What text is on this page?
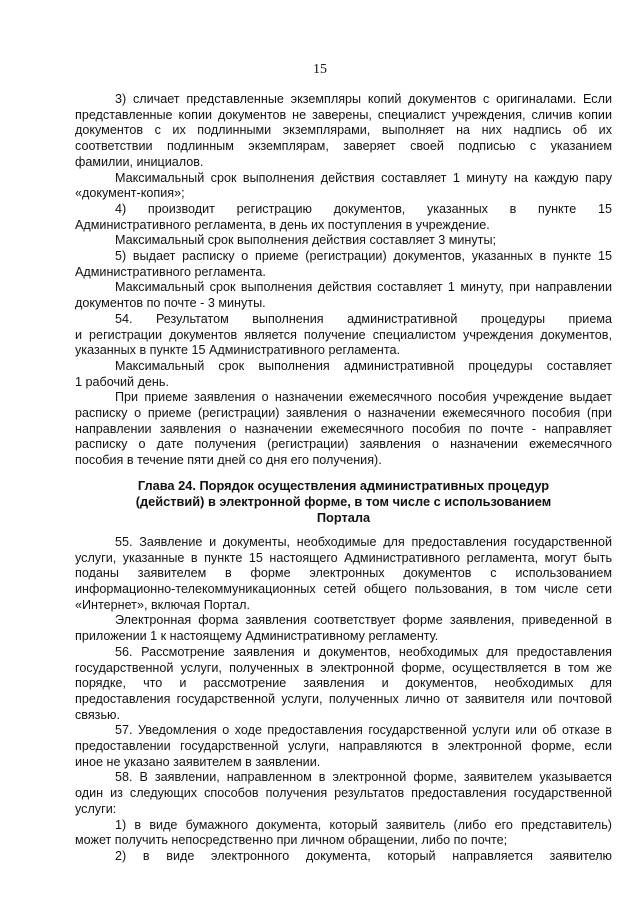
15
3) сличает представленные экземпляры копий документов с оригиналами. Если
представленные копии документов не заверены, специалист учреждения, сличив копии
документов с их подлинными экземплярами, выполняет на них надпись об их
соответствии подлинным экземплярам, заверяет своей подписью с указанием
фамилии, инициалов.
Максимальный срок выполнения действия составляет 1 минуту на каждую пару
«документ-копия»;
4) производит регистрацию документов, указанных в пункте 15
Административного регламента, в день их поступления в учреждение.
Максимальный срок выполнения действия составляет 3 минуты;
5) выдает расписку о приеме (регистрации) документов, указанных в пункте 15
Административного регламента.
Максимальный срок выполнения действия составляет 1 минуту, при направлении
документов по почте - 3 минуты.
54. Результатом выполнения административной процедуры приема
и регистрации документов является получение специалистом учреждения документов,
указанных в пункте 15 Административного регламента.
Максимальный срок выполнения административной процедуры составляет
1 рабочий день.
При приеме заявления о назначении ежемесячного пособия учреждение выдает
расписку о приеме (регистрации) заявления о назначении ежемесячного пособия (при
направлении заявления о назначении ежемесячного пособия по почте - направляет
расписку о дате получения (регистрации) заявления о назначении ежемесячного
пособия в течение пяти дней со дня его получения).
Глава 24. Порядок осуществления административных процедур
(действий) в электронной форме, в том числе с использованием
Портала
55. Заявление и документы, необходимые для предоставления государственной
услуги, указанные в пункте 15 настоящего Административного регламента, могут быть
поданы заявителем в форме электронных документов с использованием
информационно-телекоммуникационных сетей общего пользования, в том числе сети
«Интернет», включая Портал.
Электронная форма заявления соответствует форме заявления, приведенной в
приложении 1 к настоящему Административному регламенту.
56. Рассмотрение заявления и документов, необходимых для предоставления
государственной услуги, полученных в электронной форме, осуществляется в том же
порядке, что и рассмотрение заявления и документов, необходимых для
предоставления государственной услуги, полученных лично от заявителя или почтовой
связью.
57. Уведомления о ходе предоставления государственной услуги или об отказе в
предоставлении государственной услуги, направляются в электронной форме, если
иное не указано заявителем в заявлении.
58. В заявлении, направленном в электронной форме, заявителем указывается
один из следующих способов получения результатов предоставления государственной
услуги:
1) в виде бумажного документа, который заявитель (либо его представитель)
может получить непосредственно при личном обращении, либо по почте;
2) в виде электронного документа, который направляется заявителю
